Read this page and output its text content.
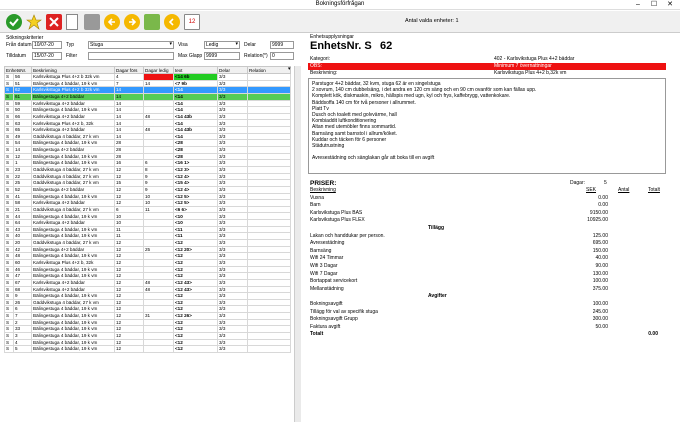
Bokningsförfrågan	–	☐	✕
12	Antal valda enheter: 1
Sökningskriterier
Från datum 10/07-20
Tilldatum	15/07-20
Typ	Stuga ▾
Filter
Visa	Ledig ▾
Max Glapp 9999
Delar	9999
Relation(*) 0
EnhetsNr.		Beskrivning	Dagar förs	Dagar ledig	text	Delar	Relation
S	56	Karlsvikstuga Plus 4+2 b 32k vm	4		<14 6b	3/3	
S	51	Bälingestuga 4 bäddar, 19 k vm	7	14	<7 9b	3/3	
S	62	Karlsvikstuga Plus 4+2 b 32k vm	14		<14	3/3		▾
S	61	Bälingestuga 4+2 bäddar	14		<14	3/3	
S	59	Karlsvikstuga 4+2 bäddar	14		<14	3/3	
S	50	Bälingestuga 4 bäddar, 19 k vm	14		<14	3/3	
S	66	Karlsvikstuga 4+2 bäddar	14	48	<14 43b	3/3	
S	63	Karlsvikstuga Plus 4+2 b, 32k	14		<14	3/3	
S	65	Karlsvikstuga 4+2 bäddar	14	48	<14 43b	3/3	
S	49	Gäddvikstuga 4 bäddar, 27 k vm	14		<14	3/3	
S	54	Bälingestuga 4 bäddar, 19 k vm	28		<28	3/3	
S	14	Bälingestuga 4+2 bäddar	28		<28	3/3	
S	12	Bälingestuga 4 bäddar, 19 k vm	28		<28	3/3	
S	1	Bälingestuga 4 bäddar, 19 k vm	16	6	<16 1>	3/3	
S	23	Gäddvikstuga 4 bäddar, 27 k vm	12	8	<12 3>	3/3	
S	22	Gäddvikstuga 4 bäddar, 27 k vm	12	9	<12 4>	3/3	
S	25	Gäddvikstuga 4 bäddar, 27 k vm	15	9	<15 4>	3/3	
S	52	Bälingestuga 4+2 bäddar	12	9	<12 4>	3/3	
S	41	Bälingestuga 4 bäddar, 19 k vm	12	10	<12 5>	3/3	
S	58	Karlsvikstuga 4+2 bäddar	12	10	<12 5>	3/3	
S	21	Gäddvikstuga 4 bäddar, 27 k vm	6	11	<6 6>	3/3	
S	44	Bälingestuga 4 bäddar, 19 k vm	10		<10	3/3	
S	64	Karlsvikstuga 4+2 bäddar	10		<10	3/3	
S	43	Bälingestuga 4 bäddar, 19 k vm	11		<11	3/3	
S	40	Bälingestuga 4 bäddar, 19 k vm	11		<11	3/3	
S	20	Gäddvikstuga 4 bäddar, 27 k vm	12		<12	3/3	
S	42	Bälingestuga 4+2 bäddar	12	25	<12 20>	3/3	
S	48	Bälingestuga 4 bäddar, 19 k vm	12		<12	3/3	
S	60	Karlsvikstuga Plus 4+2 b, 32k	12		<12	3/3	
S	46	Bälingestuga 4 bäddar, 19 k vm	12		<12	3/3	
S	47	Bälingestuga 4 bäddar, 19 k vm	12		<12	3/3	
S	67	Karlsvikstuga 4+2 bäddar	12	48	<12 43>	3/3	
S	68	Karlsvikstuga 4+2 bäddar	12	48	<12 43>	3/3	
S	9	Bälingestuga 4 bäddar, 19 k vm	12		<12	3/3	
S	26	Gäddvikstuga 4 bäddar, 27 k vm	12		<12	3/3	
S	6	Bälingestuga 4 bäddar, 19 k vm	12		<12	3/3	
S	7	Bälingestuga 4 bäddar, 19 k vm	12	31	<12 26>	3/3	
S	2	Bälingestuga 4 bäddar, 19 k vm	12		<12	3/3	
S	33	Bälingestuga 4 bäddar, 19 k vm	12		<12	3/3	
S	3	Bälingestuga 4 bäddar, 19 k vm	12		<12	3/3	
S	4	Bälingestuga 4 bäddar, 19 k vm	12		<12	3/3	
S	5	Bälingestuga 4 bäddar, 19 k vm	12		<12	3/3	
Enhetsupplysningar
EnhetsNr. S 62
Kategori:	402 - Karlsvikstuga Plus 4+2 bäddar
OBS:	Minimum 7 övernattningar
Beskrivning:	Karlsvikstuga Plus 4+2 b,32k vm
Parstugor 4+2 bäddar, 32 kvm, stuga 62 är en singelstuga
2 sovrum, 140 cm dubbelsäng, i det andra en 120 cm säng och en 90 cm ovanför som kan fällas upp.
Komplett kök, diskmaskin, mikro, hällspis med ugn, kyl och frys, kaffebrygg, vattenkokare.
Bäddsoffa 140 cm för två personer i allrummet.
Platt Tv
Dusch och toalett med golvvärme, hall
Kombiaddit luftkonditionering
Altan med utemöbler finns sommartid.
Barnsäng samt barnstol i allrum/köket.
Kuddar och täcken för 6 personer
Städutrustning
Avresestädning och sänglakan går att boka till en avgift
PRISER:	Dagar:	5
Beskrivning	SEK	Antal	Totalt
Vuxna	0.00
Barn	0.00
Karlsvikstuga Plus BAS	9150.00
Karlsvikstuga Plus FLEX	10925.00
Tillägg
Lakan och handdukar per person.	125.00
Avresestädning	695.00
Barnsäng	150.00
Wifi 24 Timmar	40.00
Wifi 3 Dagar	90.00
Wifi 7 Dagar	130.00
Bortappat servicekort	100.00
Mellanstädning	375.00
Avgifter
Bokningsavgift	100.00
Tillägg för val av specifik stuga	245.00
Bokningsavgift Grupp	300.00
Faktura avgift	50.00
Totalt	0.00
